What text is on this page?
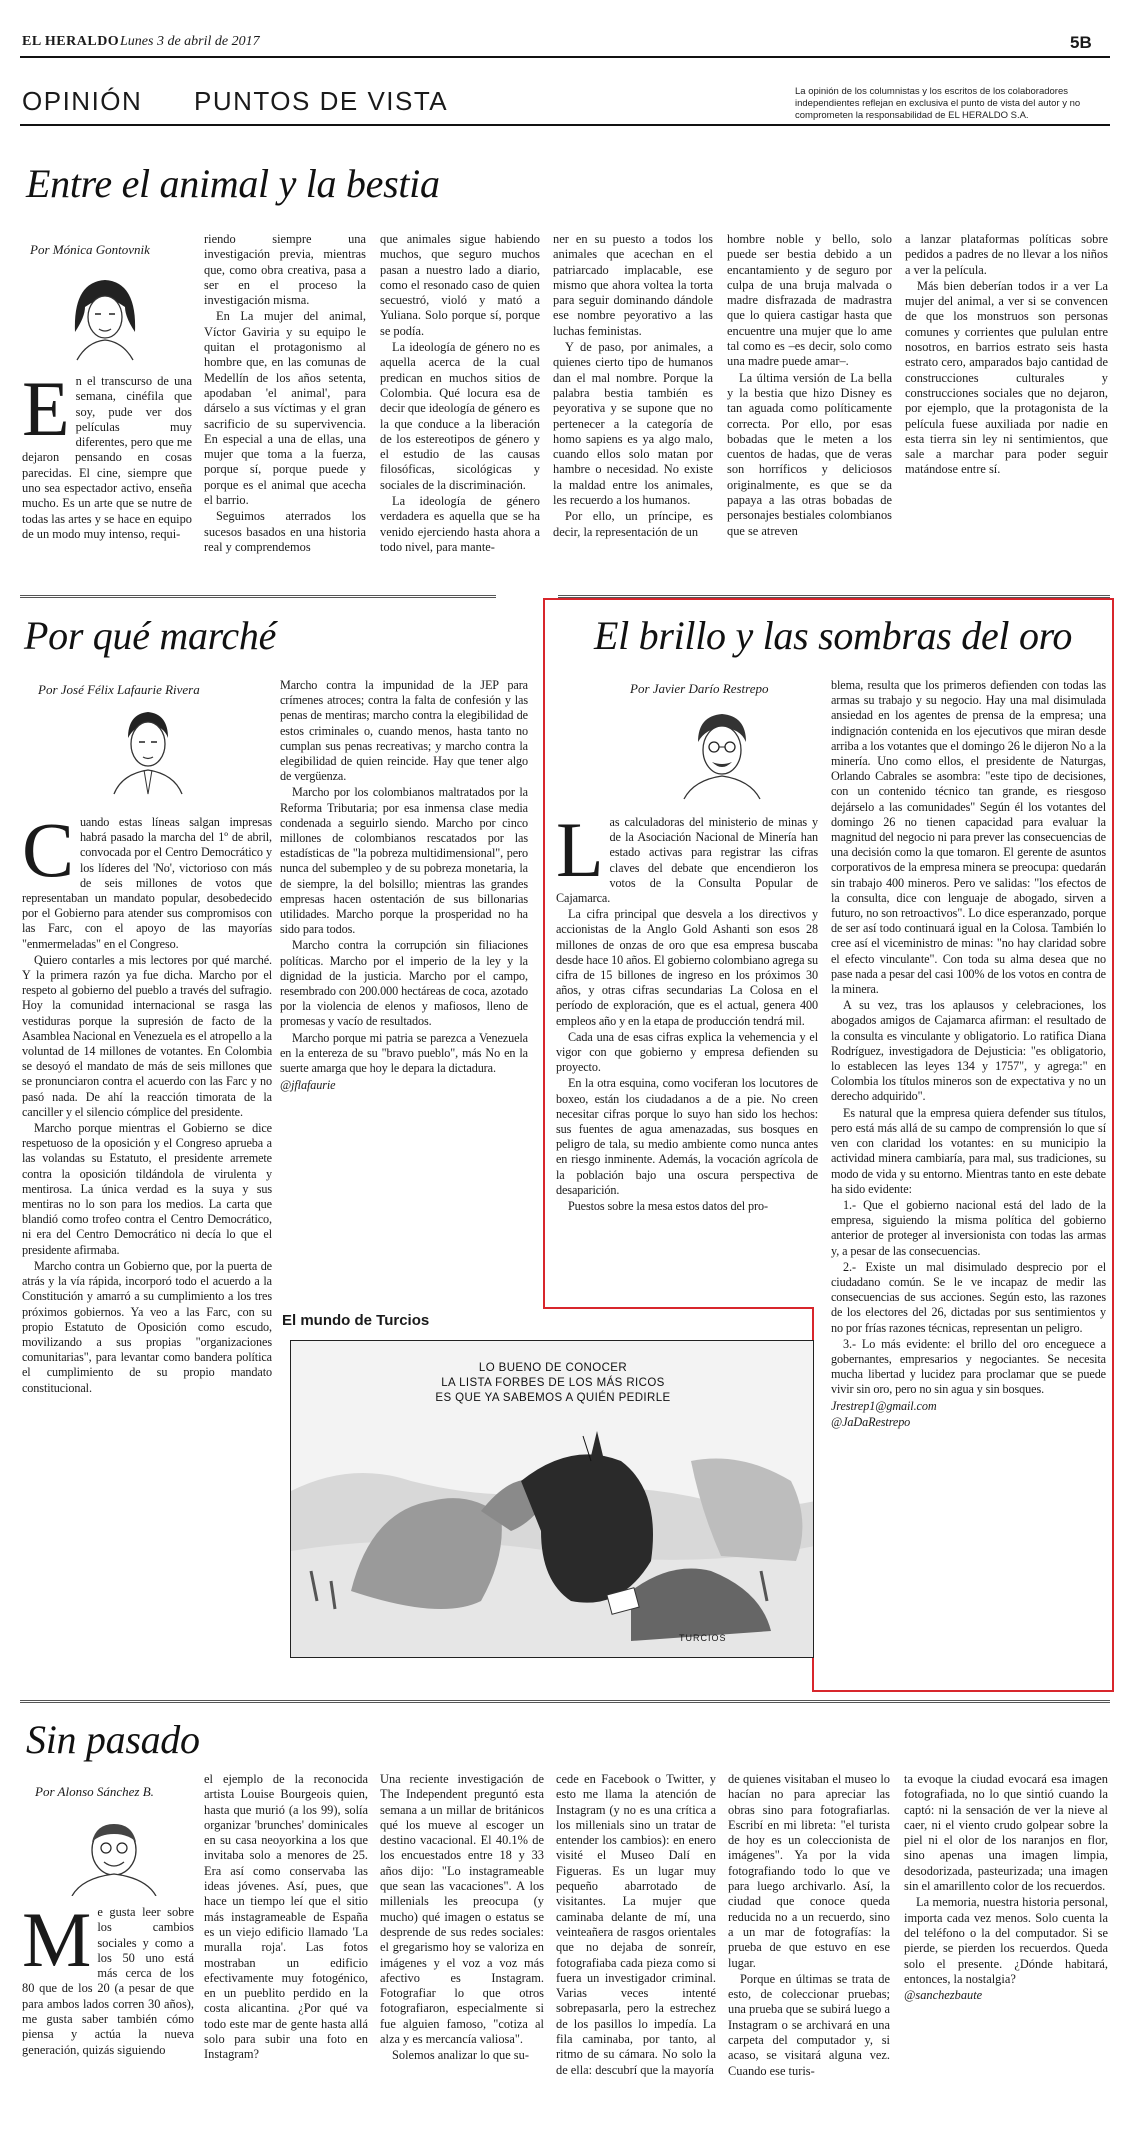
EL HERALDO Lunes 3 de abril de 2017	5B
OPINIÓN PUNTOS DE VISTA	La opinión de los columnistas y los escritos de los colaboradores independientes reflejan en exclusiva el punto de vista del autor y no comprometen la responsabilidad de EL HERALDO S.A.
Entre el animal y la bestia
Por Mónica Gontovnik
E n el transcurso de una semana, cinéfila que soy, pude ver dos películas muy diferentes, pero que me dejaron pensando en cosas parecidas. El cine, siempre que uno sea espectador activo, enseña mucho. Es un arte que se nutre de todas las artes y se hace en equipo de un modo muy intenso, requi-

riendo siempre una investigación previa, mientras que, como obra creativa, pasa a ser en el proceso la investigación misma.

En La mujer del animal, Víctor Gaviria y su equipo le quitan el protagonismo al hombre que, en las comunas de Medellín de los años setenta, apodaban 'el animal', para dárselo a sus víctimas y el gran sacrificio de su supervivencia. En especial a una de ellas, una mujer que toma a la fuerza, porque sí, porque puede y porque es el animal que acecha el barrio.

Seguimos aterrados los sucesos basados en una historia real y comprendemos

que animales sigue habiendo muchos, que seguro muchos pasan a nuestro lado a diario, como el resonado caso de quien secuestró, violó y mató a Yuliana. Solo porque sí, porque se podía.

La ideología de género no es aquella acerca de la cual predican en muchos sitios de Colombia. Qué locura esa de decir que ideología de género es la que conduce a la liberación de los estereotipos de género y el estudio de las causas filosóficas, sicológicas y sociales de la discriminación.

La ideología de género verdadera es aquella que se ha venido ejerciendo hasta ahora a todo nivel, para mante-

ner en su puesto a todos los animales que acechan en el patriarcado implacable, ese mismo que ahora voltea la torta para seguir dominando dándole ese nombre peyorativo a las luchas feministas.

Y de paso, por animales, a quienes cierto tipo de humanos dan el mal nombre. Porque la palabra bestia también es peyorativa y se supone que no pertenecer a la categoría de homo sapiens es ya algo malo, cuando ellos solo matan por hambre o necesidad. No existe la maldad entre los animales, les recuerdo a los humanos.

Por ello, un príncipe, es decir, la representación de un

hombre noble y bello, solo puede ser bestia debido a un encantamiento y de seguro por culpa de una bruja malvada o madre disfrazada de madrastra que lo quiera castigar hasta que encuentre una mujer que lo ame tal como es –es decir, solo como una madre puede amar–.

La última versión de La bella y la bestia que hizo Disney es tan aguada como políticamente correcta. Por ello, por esas bobadas que le meten a los cuentos de hadas, que de veras son horríficos y deliciosos originalmente, es que se da papaya a las otras bobadas de personajes bestiales colombianos que se atreven

a lanzar plataformas políticas sobre pedidos a padres de no llevar a los niños a ver la película.

Más bien deberían todos ir a ver La mujer del animal, a ver si se convencen de que los monstruos son personas comunes y corrientes que pululan entre nosotros, en barrios estrato seis hasta estrato cero, amparados bajo cantidad de construcciones culturales y construcciones sociales que no dejaron, por ejemplo, que la protagonista de la película fuese auxiliada por nadie en esta tierra sin ley ni sentimientos, que sale a marchar para poder seguir matándose entre sí.

Por qué marché
Por José Félix Lafaurie Rivera
C uando estas líneas salgan impresas habrá pasado la marcha del 1º de abril, convocada por el Centro Democrático y los líderes del 'No', victorioso con más de seis millones de votos que representaban un mandato popular, desobedecido por el Gobierno para atender sus compromisos con las Farc, con el apoyo de las mayorías "enmermeladas" en el Congreso.

Quiero contarles a mis lectores por qué marché. Y la primera razón ya fue dicha. Marcho por el respeto al gobierno del pueblo a través del sufragio. Hoy la comunidad internacional se rasga las vestiduras porque la supresión de facto de la Asamblea Nacional en Venezuela es el atropello a la voluntad de 14 millones de votantes. En Colombia se desoyó el mandato de más de seis millones que se pronunciaron contra el acuerdo con las Farc y no pasó nada. De ahí la reacción timorata de la canciller y el silencio cómplice del presidente.

Marcho porque mientras el Gobierno se dice respetuoso de la oposición y el Congreso aprueba a las volandas su Estatuto, el presidente arremete contra la oposición tildándola de virulenta y mentirosa. La única verdad es la suya y sus mentiras no lo son para los medios. La carta que blandió como trofeo contra el Centro Democrático, ni era del Centro Democrático ni decía lo que el presidente afirmaba.

Marcho contra un Gobierno que, por la puerta de atrás y la vía rápida, incorporó todo el acuerdo a la Constitución y amarró a su cumplimiento a los tres próximos gobiernos. Ya veo a las Farc, con su propio Estatuto de Oposición como escudo, movilizando a sus propias "organizaciones comunitarias", para levantar como bandera política el cumplimiento de su propio mandato constitucional.

Marcho contra la impunidad de la JEP para crímenes atroces; contra la falta de confesión y las penas de mentiras; marcho contra la elegibilidad de estos criminales o, cuando menos, hasta tanto no cumplan sus penas recreativas; y marcho contra la elegibilidad de quien reincide. Hay que tener algo de vergüenza.

Marcho por los colombianos maltratados por la Reforma Tributaria; por esa inmensa clase media condenada a seguirlo siendo. Marcho por cinco millones de colombianos rescatados por las estadísticas de "la pobreza multidimensional", pero nunca del subempleo y de su pobreza monetaria, la de siempre, la del bolsillo; mientras las grandes empresas hacen ostentación de sus billonarias utilidades. Marcho porque la prosperidad no ha sido para todos.

Marcho contra la corrupción sin filiaciones políticas. Marcho por el imperio de la ley y la dignidad de la justicia. Marcho por el campo, resembrado con 200.000 hectáreas de coca, azotado por la violencia de elenos y mafiosos, lleno de promesas y vacío de resultados.

Marcho porque mi patria se parezca a Venezuela en la entereza de su "bravo pueblo", más No en la suerte amarga que hoy le depara la dictadura.

@jflafaurie

El brillo y las sombras del oro
Por Javier Darío Restrepo
L as calculadoras del ministerio de minas y de la Asociación Nacional de Minería han estado activas para registrar las cifras claves del debate que encendieron los votos de la Consulta Popular de Cajamarca.

La cifra principal que desvela a los directivos y accionistas de la Anglo Gold Ashanti son esos 28 millones de onzas de oro que esa empresa buscaba desde hace 10 años. El gobierno colombiano agrega su cifra de 15 billones de ingreso en los próximos 30 años, y otras cifras secundarias La Colosa en el período de exploración, que es el actual, genera 400 empleos año y en la etapa de producción tendrá mil.

Cada una de esas cifras explica la vehemencia y el vigor con que gobierno y empresa defienden su proyecto.

En la otra esquina, como vociferan los locutores de boxeo, están los ciudadanos a de a pie. No creen necesitar cifras porque lo suyo han sido los hechos: sus fuentes de agua amenazadas, sus bosques en peligro de tala, su medio ambiente como nunca antes en riesgo inminente. Además, la vocación agrícola de la población bajo una oscura perspectiva de desaparición.

Puestos sobre la mesa estos datos del pro-

blema, resulta que los primeros defienden con todas las armas su trabajo y su negocio. Hay una mal disimulada ansiedad en los agentes de prensa de la empresa; una indignación contenida en los ejecutivos que miran desde arriba a los votantes que el domingo 26 le dijeron No a la minería. Uno como ellos, el presidente de Naturgas, Orlando Cabrales se asombra: "este tipo de decisiones, con un contenido técnico tan grande, es riesgoso dejárselo a las comunidades" Según él los votantes del domingo 26 no tienen capacidad para evaluar la magnitud del negocio ni para prever las consecuencias de una decisión como la que tomaron. El gerente de asuntos corporativos de la empresa minera se preocupa: quedarán sin trabajo 400 mineros. Pero ve salidas: "los efectos de la consulta, dice con lenguaje de abogado, sirven a futuro, no son retroactivos". Lo dice esperanzado, porque de ser así todo continuará igual en la Colosa. También lo cree así el viceministro de minas: "no hay claridad sobre el efecto vinculante". Con toda su alma desea que no pase nada a pesar del casi 100% de los votos en contra de la minera.

A su vez, tras los aplausos y celebraciones, los abogados amigos de Cajamarca afirman: el resultado de la consulta es vinculante y obligatorio. Lo ratifica Diana Rodríguez, investigadora de Dejusticia: "es obligatorio, lo establecen las leyes 134 y 1757", y agrega:" en Colombia los títulos mineros son de expectativa y no un derecho adquirido".

Es natural que la empresa quiera defender sus títulos, pero está más allá de su campo de comprensión lo que sí ven con claridad los votantes: en su municipio la actividad minera cambiaría, para mal, sus tradiciones, su modo de vida y su entorno. Mientras tanto en este debate ha sido evidente:

1.- Que el gobierno nacional está del lado de la empresa, siguiendo la misma política del gobierno anterior de proteger al inversionista con todas las armas y, a pesar de las consecuencias.

2.- Existe un mal disimulado desprecio por el ciudadano común. Se le ve incapaz de medir las consecuencias de sus acciones. Según esto, las razones de los electores del 26, dictadas por sus sentimientos y no por frías razones técnicas, representan un peligro.

3.- Lo más evidente: el brillo del oro enceguece a gobernantes, empresarios y negociantes. Se necesita mucha libertad y lucidez para proclamar que se puede vivir sin oro, pero no sin agua y sin bosques.

Jrestrep1@gmail.com

@JaDaRestrepo

El mundo de Turcios
LO BUENO DE CONOCER
LA LISTA FORBES DE LOS MÁS RICOS
ES QUE YA SABEMOS A QUIÉN PEDIRLE
TURCIOS
Sin pasado
Por Alonso Sánchez B.
M e gusta leer sobre los cambios sociales y como a los 50 uno está más cerca de los 80 que de los 20 (a pesar de que para ambos lados corren 30 años), me gusta saber también cómo piensa y actúa la nueva generación, quizás siguiendo

el ejemplo de la reconocida artista Louise Bourgeois quien, hasta que murió (a los 99), solía organizar 'brunches' dominicales en su casa neoyorkina a los que invitaba solo a menores de 25. Era así como conservaba las ideas jóvenes. Así, pues, que hace un tiempo leí que el sitio más instagrameable de España es un viejo edificio llamado 'La muralla roja'. Las fotos mostraban un edificio efectivamente muy fotogénico, en un pueblito perdido en la costa alicantina. ¿Por qué va todo este mar de gente hasta allá solo para subir una foto en Instagram?

Una reciente investigación de The Independent preguntó esta semana a un millar de británicos qué los mueve al escoger un destino vacacional. El 40.1% de los encuestados entre 18 y 33 años dijo: "Lo instagrameable que sean las vacaciones". A los millenials les preocupa (y mucho) qué imagen o estatus se desprende de sus redes sociales: el gregarismo hoy se valoriza en imágenes y el voz a voz más afectivo es Instagram. Fotografiar lo que otros fotografiaron, especialmente si fue alguien famoso, "cotiza al alza y es mercancía valiosa".

Solemos analizar lo que su-

cede en Facebook o Twitter, y esto me llama la atención de Instagram (y no es una crítica a los millenials sino un tratar de entender los cambios): en enero visité el Museo Dalí en Figueras. Es un lugar muy pequeño abarrotado de visitantes. La mujer que caminaba delante de mí, una veinteañera de rasgos orientales que no dejaba de sonreír, fotografiaba cada pieza como si fuera un investigador criminal. Varias veces intenté sobrepasarla, pero la estrechez de los pasillos lo impedía. La fila caminaba, por tanto, al ritmo de su cámara. No solo la de ella: descubrí que la mayoría

de quienes visitaban el museo lo hacían no para apreciar las obras sino para fotografiarlas. Escribí en mi libreta: "el turista de hoy es un coleccionista de imágenes". Ya por la vida fotografiando todo lo que ve para luego archivarlo. Así, la ciudad que conoce queda reducida no a un recuerdo, sino a un mar de fotografías: la prueba de que estuvo en ese lugar.

Porque en últimas se trata de esto, de coleccionar pruebas; una prueba que se subirá luego a Instagram o se archivará en una carpeta del computador y, si acaso, se visitará alguna vez. Cuando ese turis-

ta evoque la ciudad evocará esa imagen fotografiada, no lo que sintió cuando la captó: ni la sensación de ver la nieve al caer, ni el viento crudo golpear sobre la piel ni el olor de los naranjos en flor, sino apenas una imagen limpia, desodorizada, pasteurizada; una imagen sin el amarillento color de los recuerdos.

La memoria, nuestra historia personal, importa cada vez menos. Solo cuenta la del teléfono o la del computador. Si se pierde, se pierden los recuerdos. Queda solo el presente. ¿Dónde habitará, entonces, la nostalgia?

@sanchezbaute
